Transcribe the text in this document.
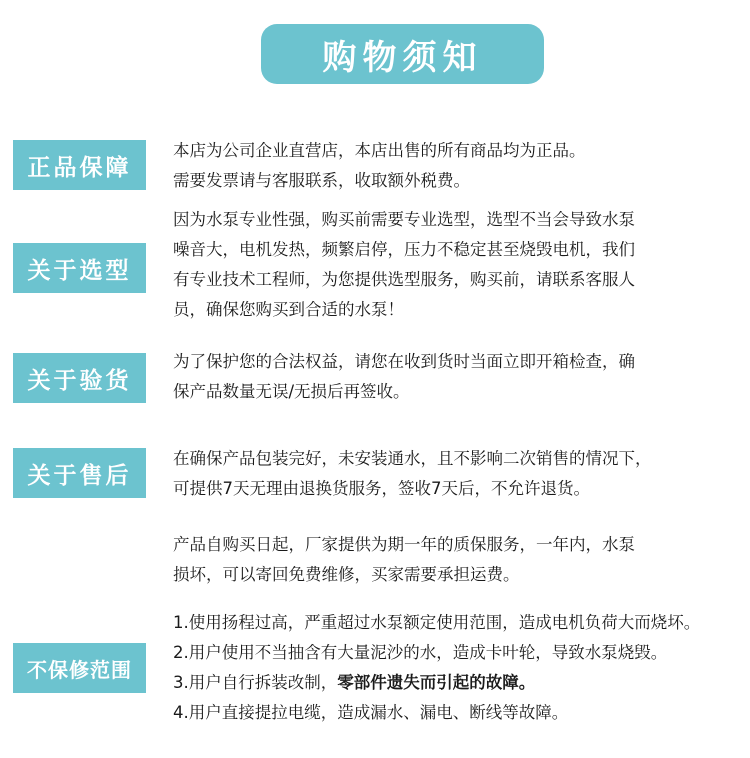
购物须知
正品保障
本店为公司企业直营店，本店出售的所有商品均为正品。
需要发票请与客服联系，收取额外税费。
关于选型
因为水泵专业性强，购买前需要专业选型，选型不当会导致水泵
噪音大，电机发热，频繁启停，压力不稳定甚至烧毁电机，我们
有专业技术工程师，为您提供选型服务，购买前，请联系客服人
员，确保您购买到合适的水泵！
关于验货
为了保护您的合法权益，请您在收到货时当面立即开箱检查，确
保产品数量无误/无损后再签收。
关于售后
在确保产品包装完好，未安装通水，且不影响二次销售的情况下，
可提供7天无理由退换货服务，签收7天后，不允许退货。
产品自购买日起，厂家提供为期一年的质保服务，一年内，水泵
损坏，可以寄回免费维修，买家需要承担运费。
不保修范围
1.使用扬程过高，严重超过水泵额定使用范围，造成电机负荷大而烧坏。
2.用户使用不当抽含有大量泥沙的水，造成卡叶轮，导致水泵烧毁。
3.用户自行拆装改制，零部件遗失而引起的故障。
4.用户直接提拉电缆，造成漏水、漏电、断线等故障。
